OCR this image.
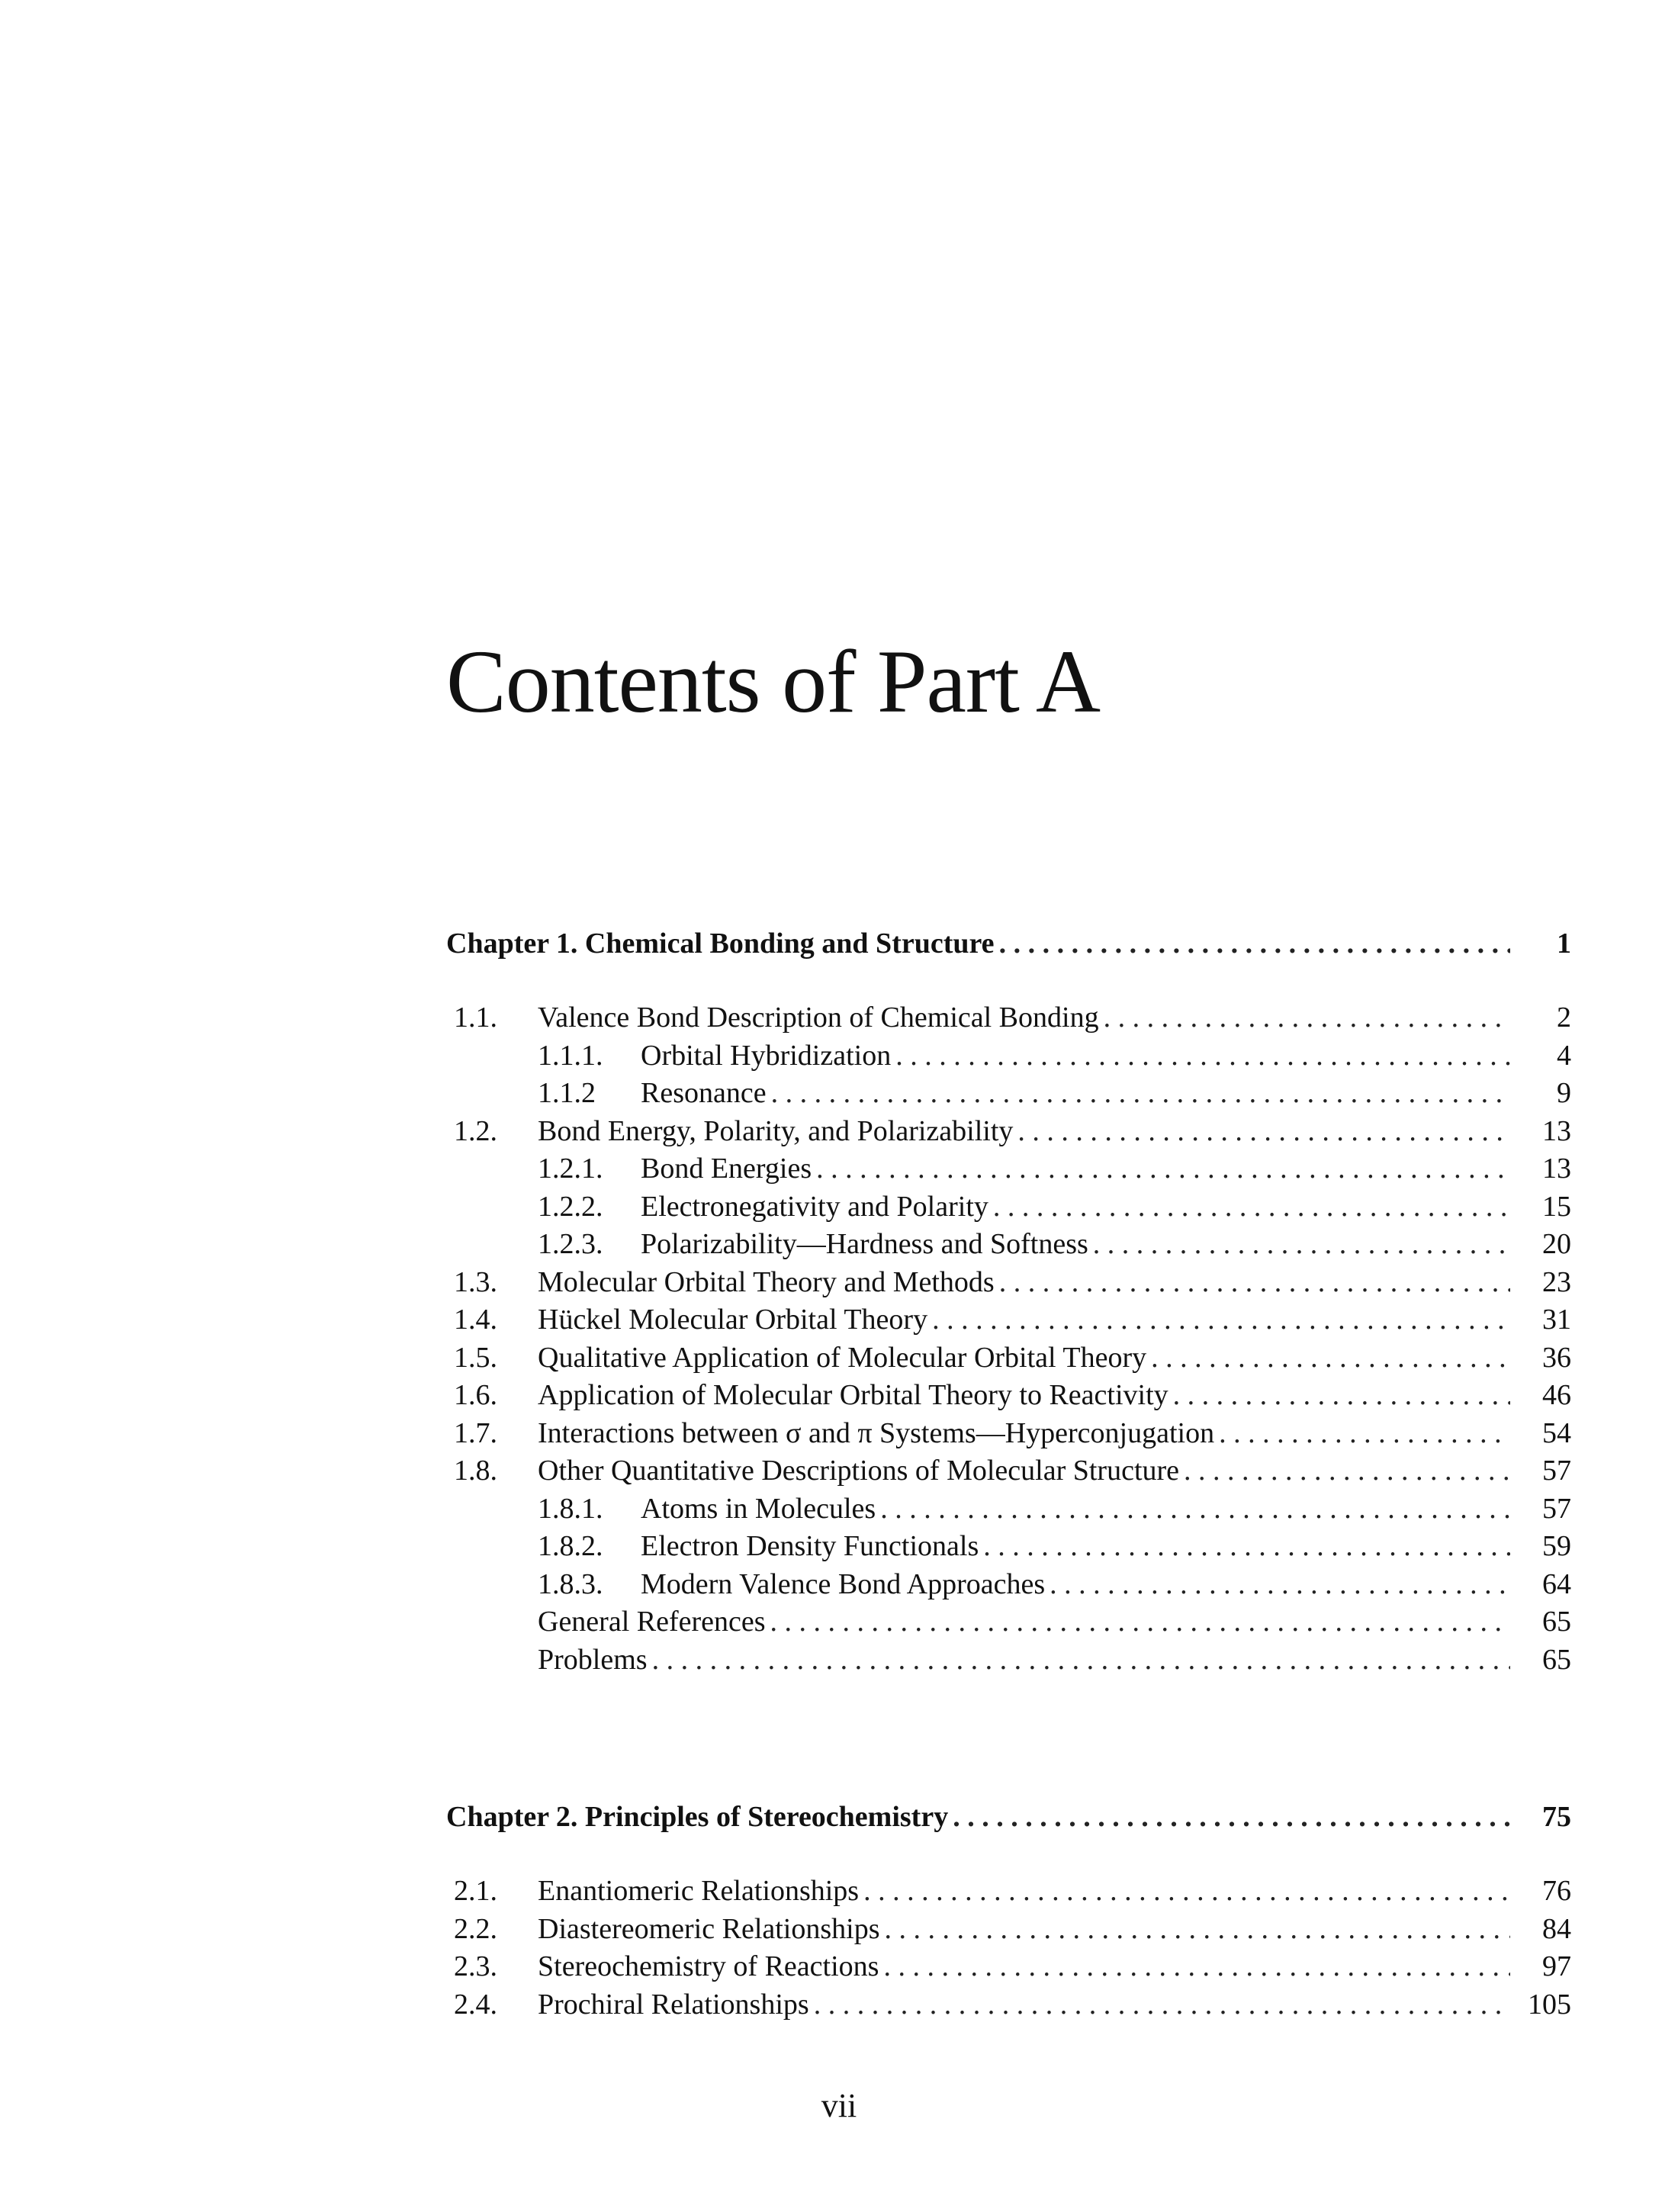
Contents of Part A
Chapter 1. Chemical Bonding and Structure . . .	1
1.1.	Valence Bond Description of Chemical Bonding . . .	2
1.1.1.	Orbital Hybridization . . .	4
1.1.2	Resonance . . .	9
1.2.	Bond Energy, Polarity, and Polarizability . . .	13
1.2.1.	Bond Energies . . .	13
1.2.2.	Electronegativity and Polarity . . .	15
1.2.3.	Polarizability—Hardness and Softness . . .	20
1.3.	Molecular Orbital Theory and Methods . . .	23
1.4.	Hückel Molecular Orbital Theory . . .	31
1.5.	Qualitative Application of Molecular Orbital Theory . . .	36
1.6.	Application of Molecular Orbital Theory to Reactivity . . .	46
1.7.	Interactions between σ and π Systems—Hyperconjugation . . .	54
1.8.	Other Quantitative Descriptions of Molecular Structure . . .	57
1.8.1.	Atoms in Molecules . . .	57
1.8.2.	Electron Density Functionals . . .	59
1.8.3.	Modern Valence Bond Approaches . . .	64
General References . . .	65
Problems . . .	65
Chapter 2. Principles of Stereochemistry . . .	75
2.1.	Enantiomeric Relationships . . .	76
2.2.	Diastereomeric Relationships . . .	84
2.3.	Stereochemistry of Reactions . . .	97
2.4.	Prochiral Relationships . . .	105
vii
